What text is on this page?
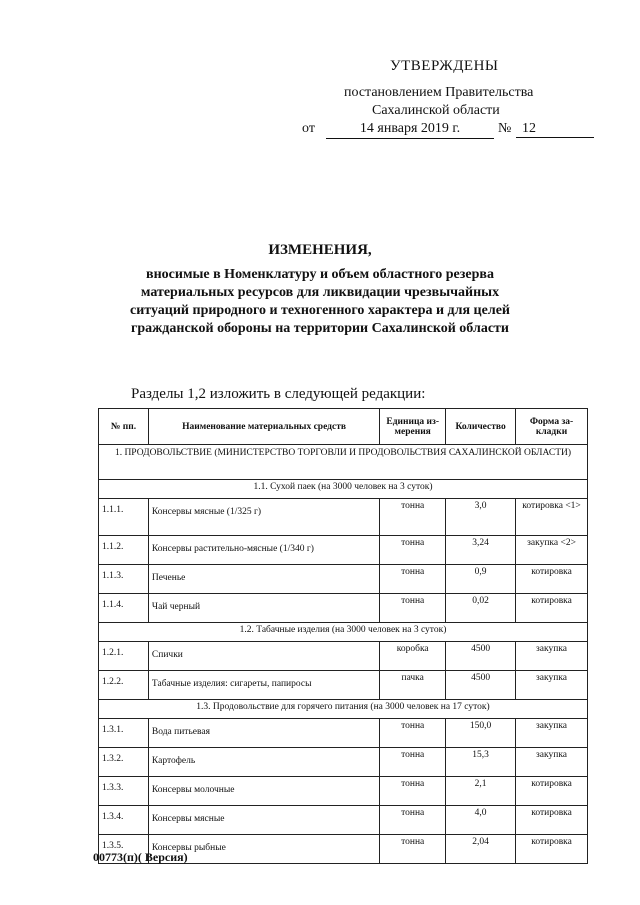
УТВЕРЖДЕНЫ
постановлением Правительства
Сахалинской области
от	14 января 2019 г.	№ 12
ИЗМЕНЕНИЯ,
вносимые в Номенклатуру и объем областного резерва материальных ресурсов для ликвидации чрезвычайных ситуаций природного и техногенного характера и для целей гражданской обороны на территории Сахалинской области
Разделы 1,2 изложить в следующей редакции:
№ пп.	Наименование материальных средств	Единица из-мерения	Количество	Форма за-кладки
1. ПРОДОВОЛЬСТВИЕ (МИНИСТЕРСТВО ТОРГОВЛИ И ПРОДОВОЛЬСТВИЯ САХАЛИНСКОЙ ОБЛАСТИ)				
1.1. Сухой паек (на 3000 человек на 3 суток)				
1.1.1.	Консервы мясные (1/325 г)	тонна	3,0	котировка <1>
1.1.2.	Консервы растительно-мясные (1/340 г)	тонна	3,24	закупка <2>
1.1.3.	Печенье	тонна	0,9	котировка
1.1.4.	Чай черный	тонна	0,02	котировка
1.2. Табачные изделия (на 3000 человек на 3 суток)				
1.2.1.	Спички	коробка	4500	закупка
1.2.2.	Табачные изделия: сигареты, папиросы	пачка	4500	закупка
1.3. Продовольствие для горячего питания (на 3000 человек на 17 суток)				
1.3.1.	Вода питьевая	тонна	150,0	закупка
1.3.2.	Картофель	тонна	15,3	закупка
1.3.3.	Консервы молочные	тонна	2,1	котировка
1.3.4.	Консервы мясные	тонна	4,0	котировка
1.3.5.	Консервы рыбные	тонна	2,04	котировка
00773(п)( Версия)
